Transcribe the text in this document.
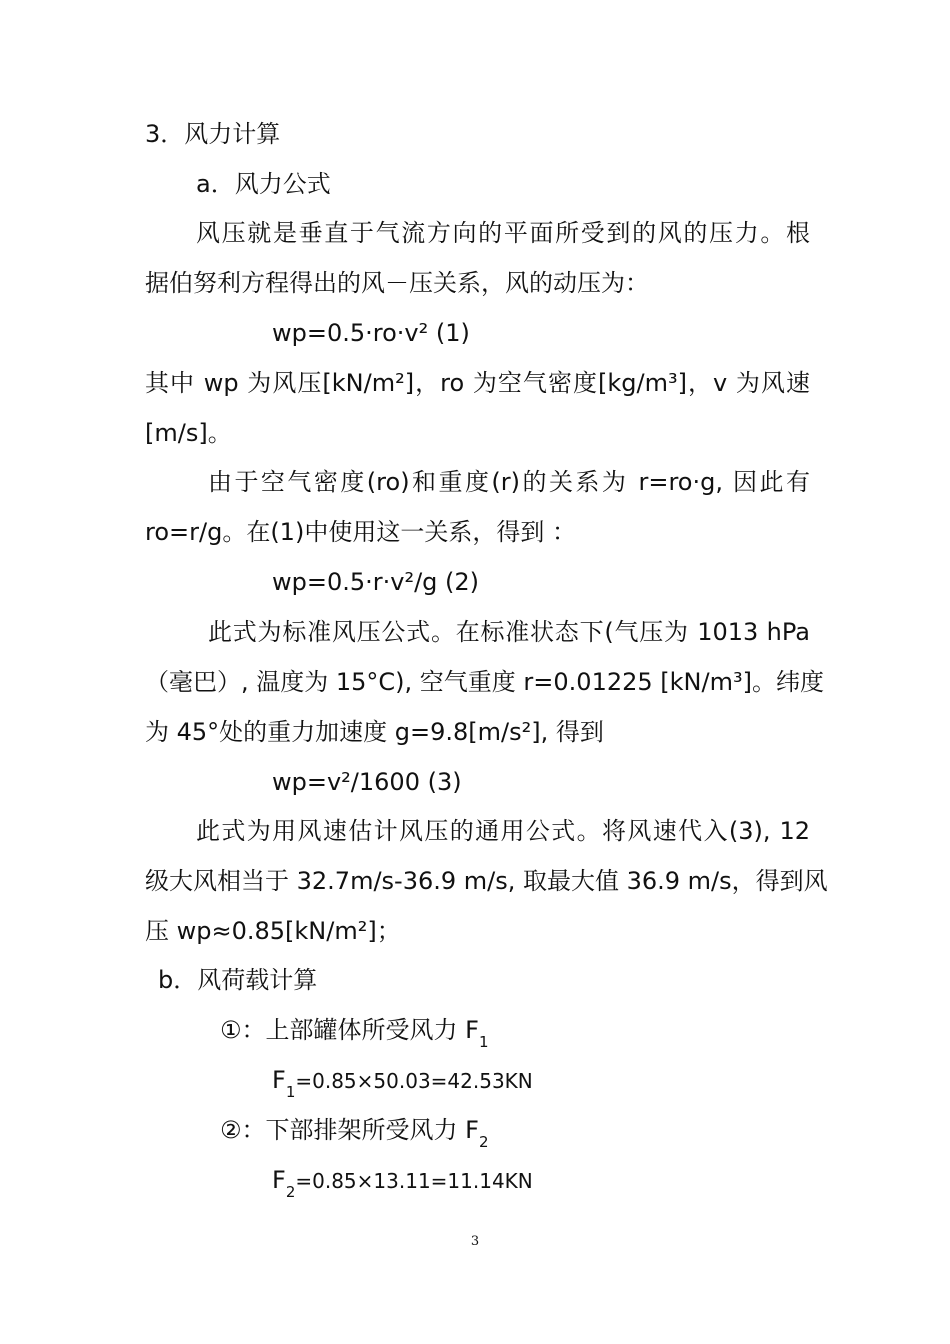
3．风力计算
a．风力公式
风压就是垂直于气流方向的平面所受到的风的压力。根
据伯努利方程得出的风－压关系，风的动压为：
wp=0.5·ro·v² (1)
其中 wp 为风压[kN/m²]，ro 为空气密度[kg/m³]，v 为风速
[m/s]。
由于空气密度(ro)和重度(r)的关系为 r=ro·g, 因此有
ro=r/g。在(1)中使用这一关系，得到 ：
wp=0.5·r·v²/g (2)
此式为标准风压公式。在标准状态下(气压为 1013 hPa
（毫巴）, 温度为 15°C), 空气重度 r=0.01225 [kN/m³]。纬度
为 45°处的重力加速度 g=9.8[m/s²], 得到
wp=v²/1600 (3)
此式为用风速估计风压的通用公式。将风速代入(3), 12
级大风相当于 32.7m/s-36.9 m/s, 取最大值 36.9 m/s，得到风
压 wp≈0.85[kN/m²]；
b．风荷载计算
①：上部罐体所受风力 $F_1$
$F_1=0.85\times 50.03=42.53KN$
②：下部排架所受风力 $F_2$
$F_2=0.85\times 13.11=11.14KN$
3
